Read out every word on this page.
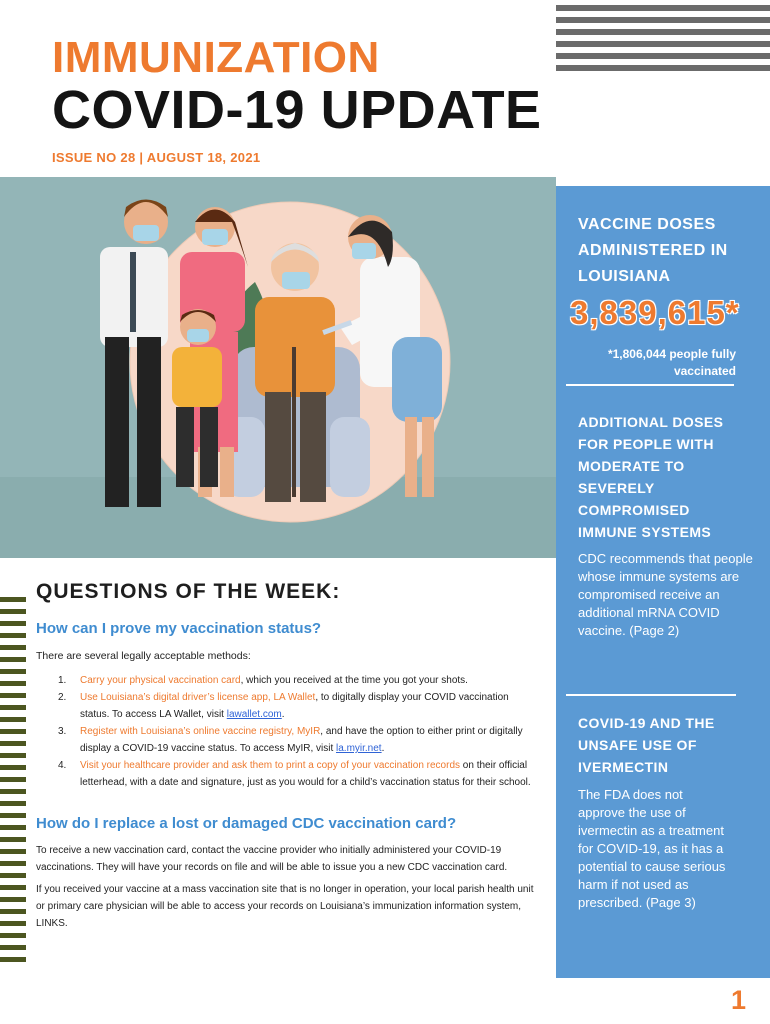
IMMUNIZATION
COVID-19 UPDATE
ISSUE NO 28 | AUGUST 18, 2021
QUESTIONS OF THE WEEK:
How can I prove my vaccination status?
There are several legally acceptable methods:
1.	Carry your physical vaccination card, which you received at the time you got your shots.
2.	Use Louisiana’s digital driver’s license app, LA Wallet, to digitally display your COVID vaccination status. To access LA Wallet, visit lawallet.com.
3.	Register with Louisiana’s online vaccine registry, MyIR, and have the option to either print or digitally display a COVID-19 vaccine status. To access MyIR, visit la.myir.net.
4.	Visit your healthcare provider and ask them to print a copy of your vaccination records on their official letterhead, with a date and signature, just as you would for a child’s vaccination status for their school.
How do I replace a lost or damaged CDC vaccination card?

To receive a new vaccination card, contact the vaccine provider who initially administered your COVID-19 vaccinations. They will have your records on file and will be able to issue you a new CDC vaccination card.

If you received your vaccine at a mass vaccination site that is no longer in operation, your local parish health unit or primary care physician will be able to access your records on Louisiana’s immunization information system, LINKS.

VACCINE DOSES ADMINISTERED IN LOUISIANA
3,839,615*
*1,806,044 people fully vaccinated
ADDITIONAL DOSES FOR PEOPLE WITH MODERATE TO SEVERELY COMPROMISED IMMUNE SYSTEMS
CDC recommends that people whose immune systems are compromised receive an additional mRNA COVID vaccine. (Page 2)
COVID-19 AND THE UNSAFE USE OF IVERMECTIN
The FDA does not approve the use of ivermectin as a treatment for COVID-19, as it has a potential to cause serious harm if not used as prescribed. (Page 3)
1
